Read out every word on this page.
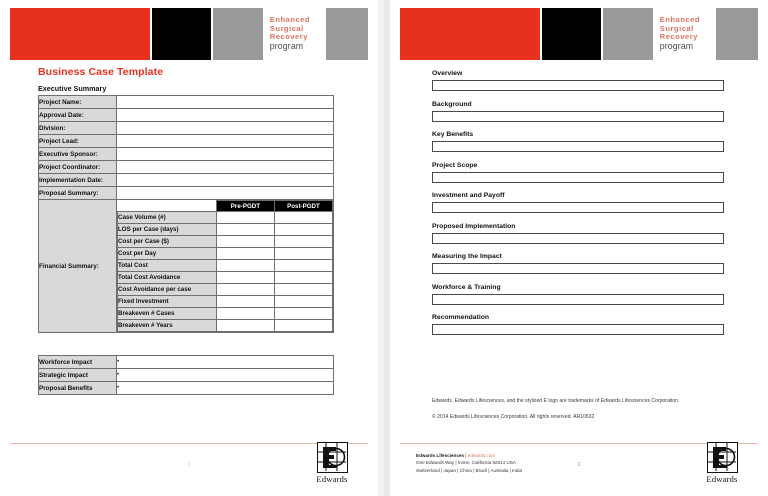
Enhanced
Surgical
Recovery
program
Business Case Template
Executive Summary
Project Name:	
Approval Date:	
Division:	
Project Lead:	
Executive Sponsor:	
Project Coordinator:	
Implementation Date:	
Proposal Summary:	
Financial Summary:	
	Pre-PGDT	Post-PGDT
Case Volume (#)		
LOS per Case (days)		
Cost per Case ($)		
Cost per Day		
Total Cost		
Total Cost Avoidance		
Cost Avoidance per case		
Fixed Investment		
Breakeven # Cases		
Breakeven # Years		
Workforce Impact	•
Strategic Impact	•
Proposal Benefits	•
1
Edwards
Enhanced
Surgical
Recovery
program
Overview
Background
Key Benefits
Project Scope
Investment and Payoff
Proposed Implementation
Measuring the Impact
Workforce & Training
Recommendation
Edwards, Edwards Lifesciences, and the stylized E logo are trademarks of Edwards Lifesciences Corporation.
© 2014 Edwards Lifesciences Corporation. All rights reserved. AR10632
Edwards Lifesciences | edwards.com
One Edwards Way | Irvine, California 92614 USA
Switzerland | Japan | China | Brazil | Australia | India
2
Edwards
